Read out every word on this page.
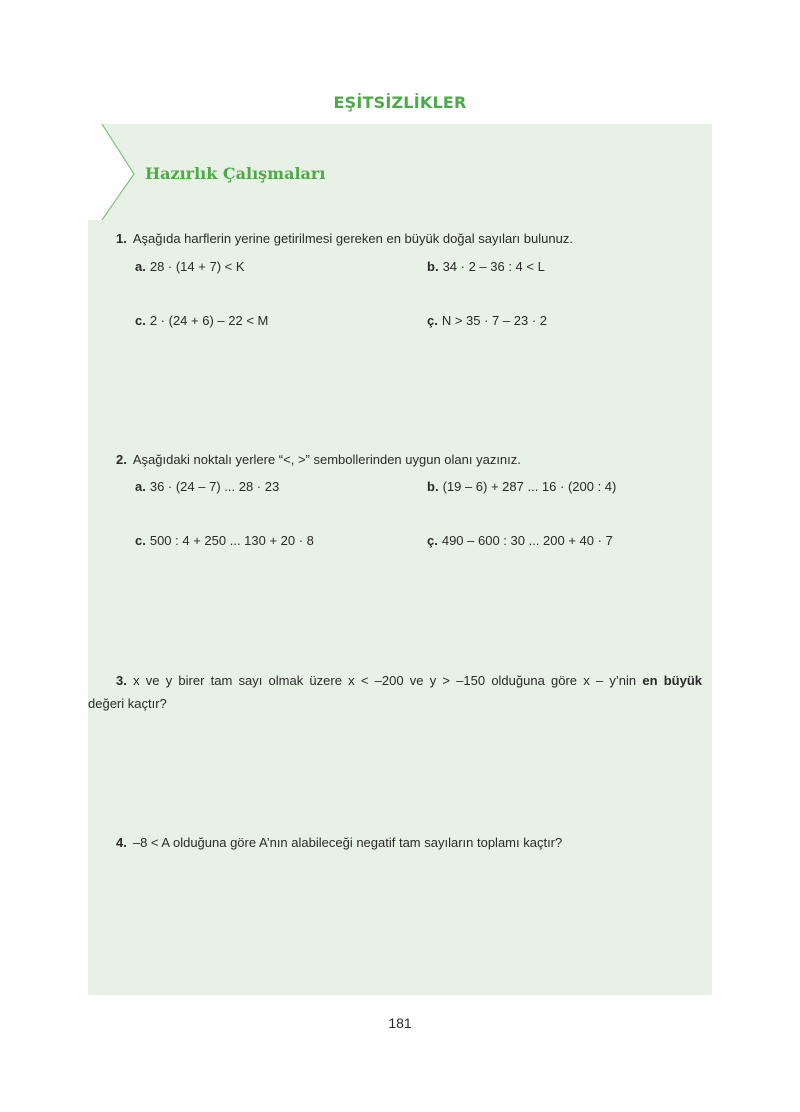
EŞİTSİZLİKLER
Hazırlık Çalışmaları
1. Aşağıda harflerin yerine getirilmesi gereken en büyük doğal sayıları bulunuz.
a. 28 · (14 + 7) < K	b. 34 · 2 – 36 : 4 < L
c. 2 · (24 + 6) – 22 < M	ç. N > 35 · 7 – 23 · 2
2. Aşağıdaki noktalı yerlere “<, >” sembollerinden uygun olanı yazınız.
a. 36 · (24 – 7) ... 28 · 23	b. (19 – 6) + 287 ... 16 · (200 : 4)
c. 500 : 4 + 250 ... 130 + 20 · 8	ç. 490 – 600 : 30 ... 200 + 40 · 7
3. x ve y birer tam sayı olmak üzere x < –200 ve y > –150 olduğuna göre x – y’nin en büyük
değeri kaçtır?
4. –8 < A olduğuna göre A’nın alabileceği negatif tam sayıların toplamı kaçtır?
181
